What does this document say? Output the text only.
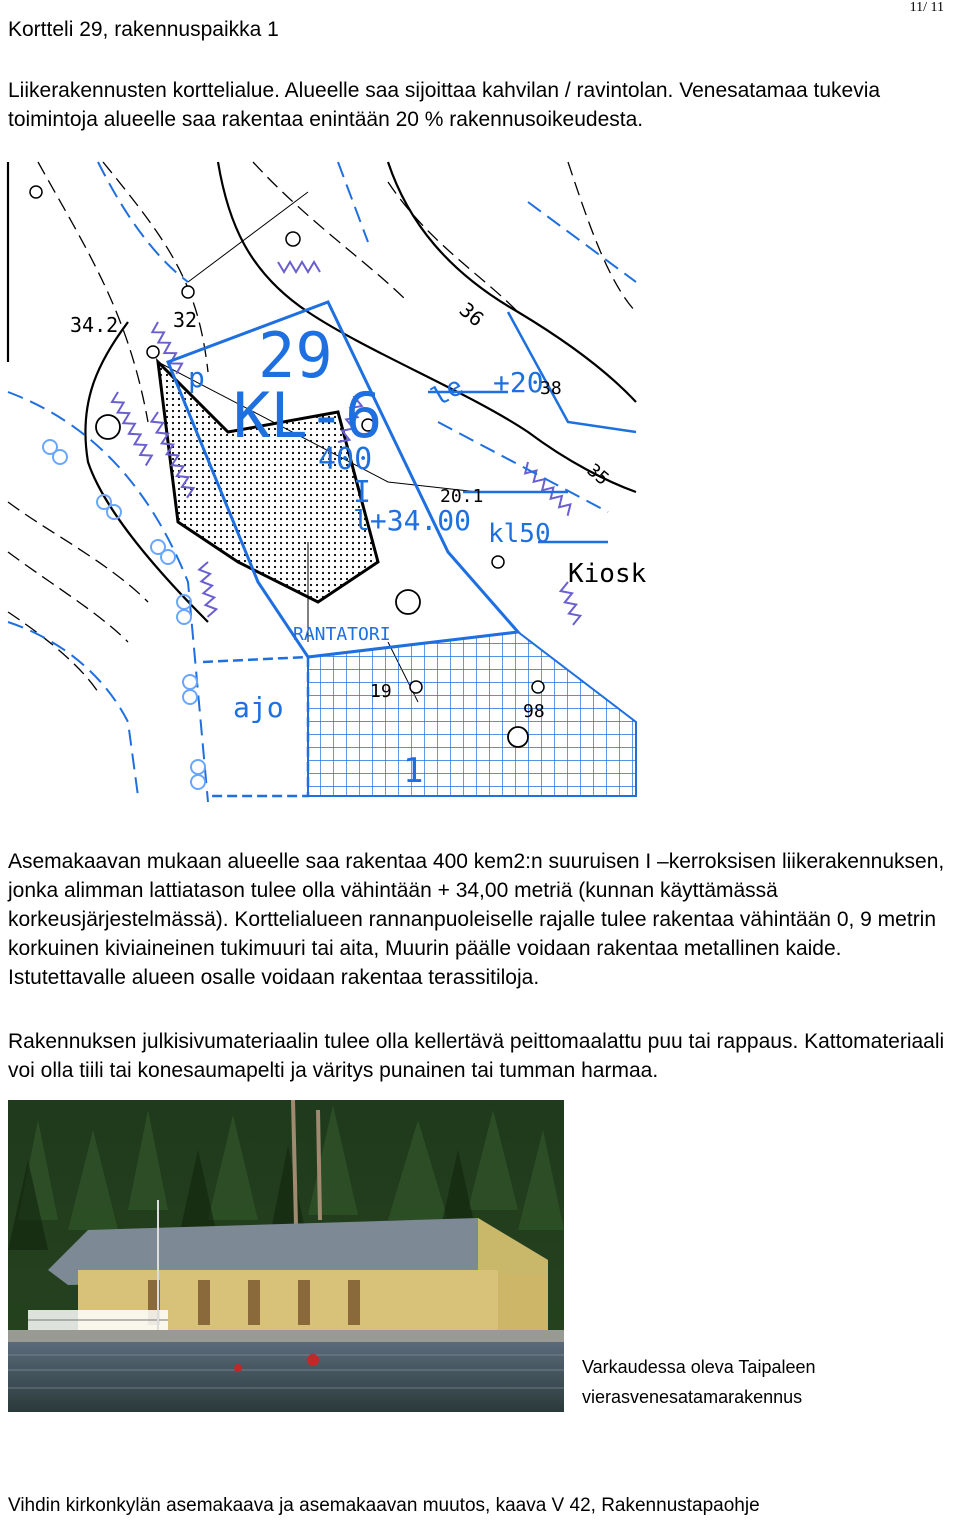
Kortteli 29, rakennuspaikka 1
11/ 11
Liikerakennusten korttelialue. Alueelle saa sijoittaa kahvilan / ravintolan. Venesatamaa tukevia toimintoja alueelle saa rakentaa enintään 20 % rakennusoikeudesta.
29
KL-6
400
I
l+34.00 kl50
Kiosk
+20
le
ajo
1
p
34.2	32	36
38
35
19
98
20.1
RANTATORI
Asemakaavan mukaan alueelle saa rakentaa 400 kem2:n suuruisen I –kerroksisen liikerakennuksen, jonka alimman lattiatason tulee olla vähintään + 34,00 metriä (kunnan käyttämässä korkeusjärjestelmässä). Korttelialueen rannanpuoleiselle rajalle tulee rakentaa vähintään 0, 9 metrin korkuinen kiviaineinen tukimuuri tai aita, Muurin päälle voidaan rakentaa metallinen kaide. Istutettavalle alueen osalle voidaan rakentaa terassitiloja.
Rakennuksen julkisivumateriaalin tulee olla kellertävä peittomaalattu puu tai rappaus. Kattomateriaali voi olla tiili tai konesaumapelti ja väritys punainen tai tumman harmaa.
Varkaudessa oleva Taipaleen vierasvenesatamarakennus
Vihdin kirkonkylän asemakaava ja asemakaavan muutos, kaava V 42, Rakennustapaohje
